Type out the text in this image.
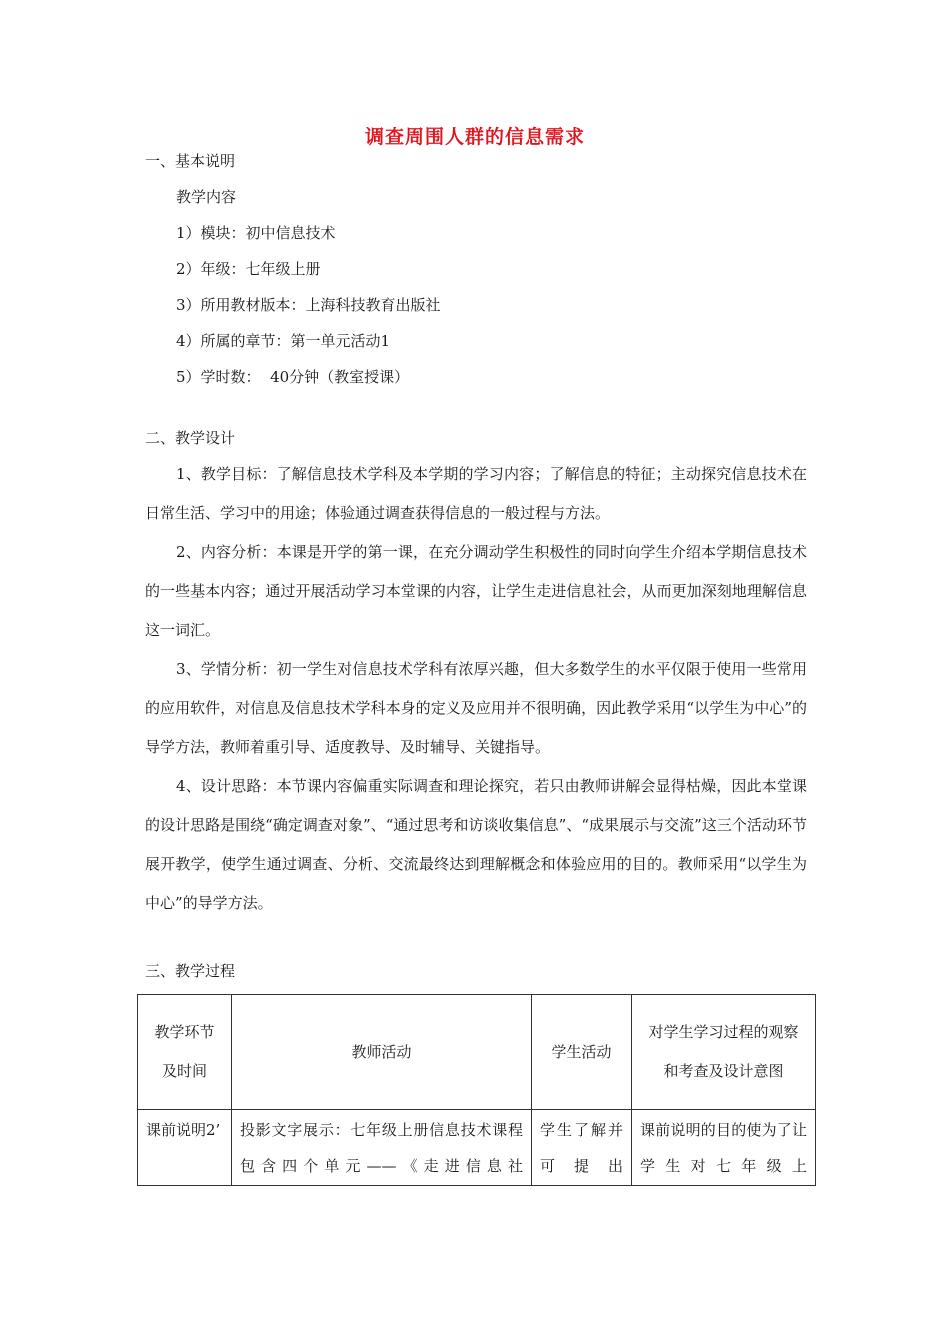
调查周围人群的信息需求
一、基本说明
教学内容
1）模块：初中信息技术
2）年级：七年级上册
3）所用教材版本：上海科技教育出版社
4）所属的章节：第一单元活动1
5）学时数：  40分钟（教室授课）
二、教学设计
1、教学目标：了解信息技术学科及本学期的学习内容；了解信息的特征；主动探究信息技术在日常生活、学习中的用途；体验通过调查获得信息的一般过程与方法。
2、内容分析：本课是开学的第一课，在充分调动学生积极性的同时向学生介绍本学期信息技术的一些基本内容；通过开展活动学习本堂课的内容，让学生走进信息社会，从而更加深刻地理解信息这一词汇。
3、学情分析：初一学生对信息技术学科有浓厚兴趣，但大多数学生的水平仅限于使用一些常用的应用软件，对信息及信息技术学科本身的定义及应用并不很明确，因此教学采用“以学生为中心”的导学方法，教师着重引导、适度教导、及时辅导、关键指导。
4、设计思路：本节课内容偏重实际调查和理论探究，若只由教师讲解会显得枯燥，因此本堂课的设计思路是围绕“确定调查对象”、“通过思考和访谈收集信息”、“成果展示与交流”这三个活动环节展开教学，使学生通过调查、分析、交流最终达到理解概念和体验应用的目的。教师采用“以学生为中心”的导学方法。
三、教学过程
教学环节及时间	教师活动	学生活动	对学生学习过程的观察和考查及设计意图
课前说明2’	投影文字展示：七年级上册信息技术课程包含四个单元——《走进信息社	学生了解并可提出	课前说明的目的使为了让学生对七年级上
